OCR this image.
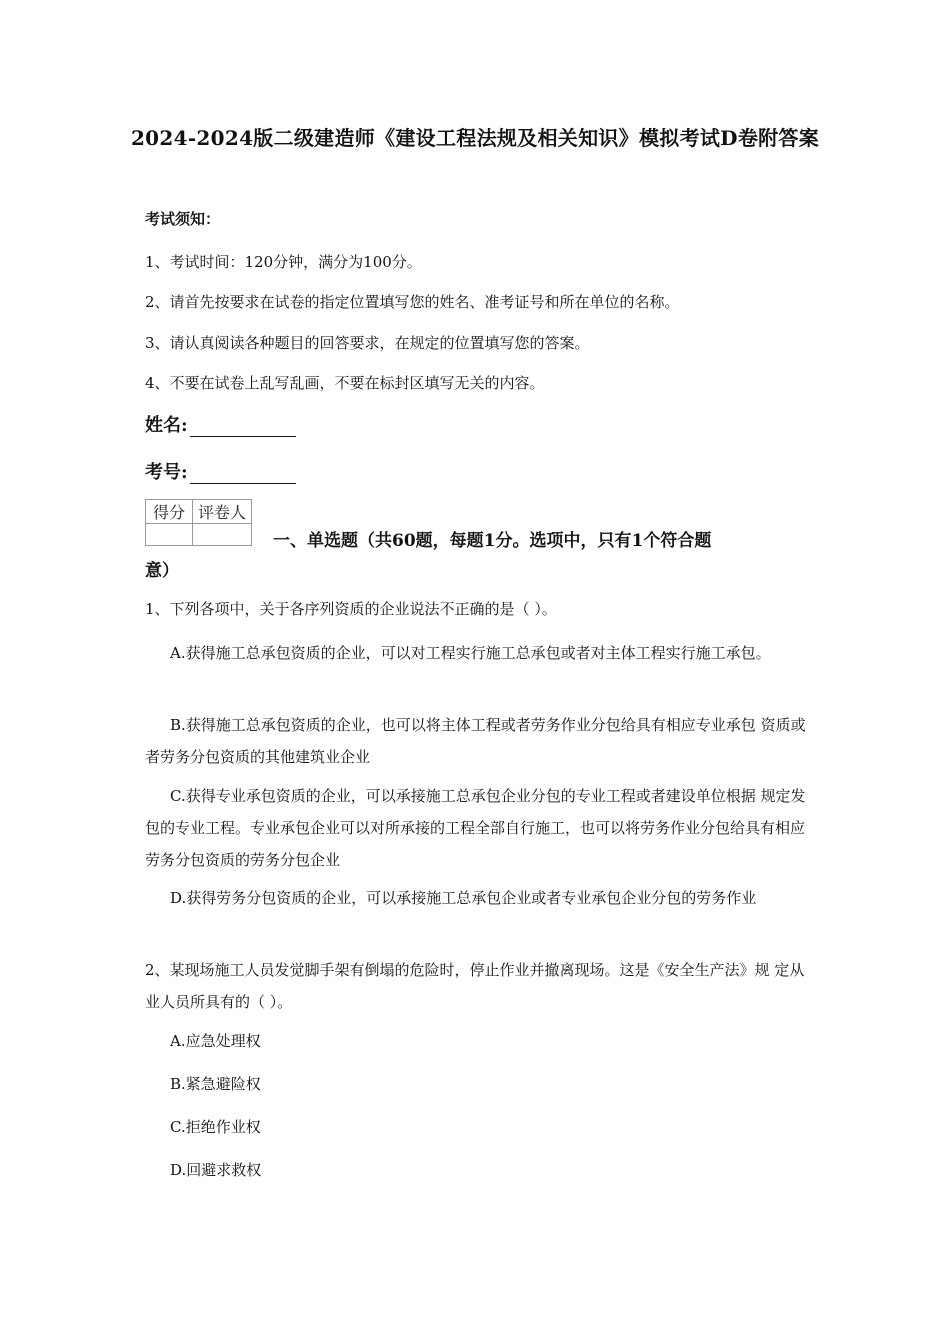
2024-2024版二级建造师《建设工程法规及相关知识》模拟考试D卷附答案
考试须知：
1、考试时间：120分钟，满分为100分。
2、请首先按要求在试卷的指定位置填写您的姓名、准考证号和所在单位的名称。
3、请认真阅读各种题目的回答要求，在规定的位置填写您的答案。
4、不要在试卷上乱写乱画，不要在标封区填写无关的内容。
姓名:
考号:
得分	评卷人

一、单选题（共60题，每题1分。选项中，只有1个符合题
意）
1、下列各项中，关于各序列资质的企业说法不正确的是（ ）。
A.获得施工总承包资质的企业，可以对工程实行施工总承包或者对主体工程实行施工承包。
B.获得施工总承包资质的企业，也可以将主体工程或者劳务作业分包给具有相应专业承包 资质或者劳务分包资质的其他建筑业企业
C.获得专业承包资质的企业，可以承接施工总承包企业分包的专业工程或者建设单位根据 规定发包的专业工程。专业承包企业可以对所承接的工程全部自行施工，也可以将劳务作业分包给具有相应劳务分包资质的劳务分包企业
D.获得劳务分包资质的企业，可以承接施工总承包企业或者专业承包企业分包的劳务作业
2、某现场施工人员发觉脚手架有倒塌的危险时，停止作业并撤离现场。这是《安全生产法》规 定从业人员所具有的（ ）。
A.应急处理权
B.紧急避险权
C.拒绝作业权
D.回避求救权
